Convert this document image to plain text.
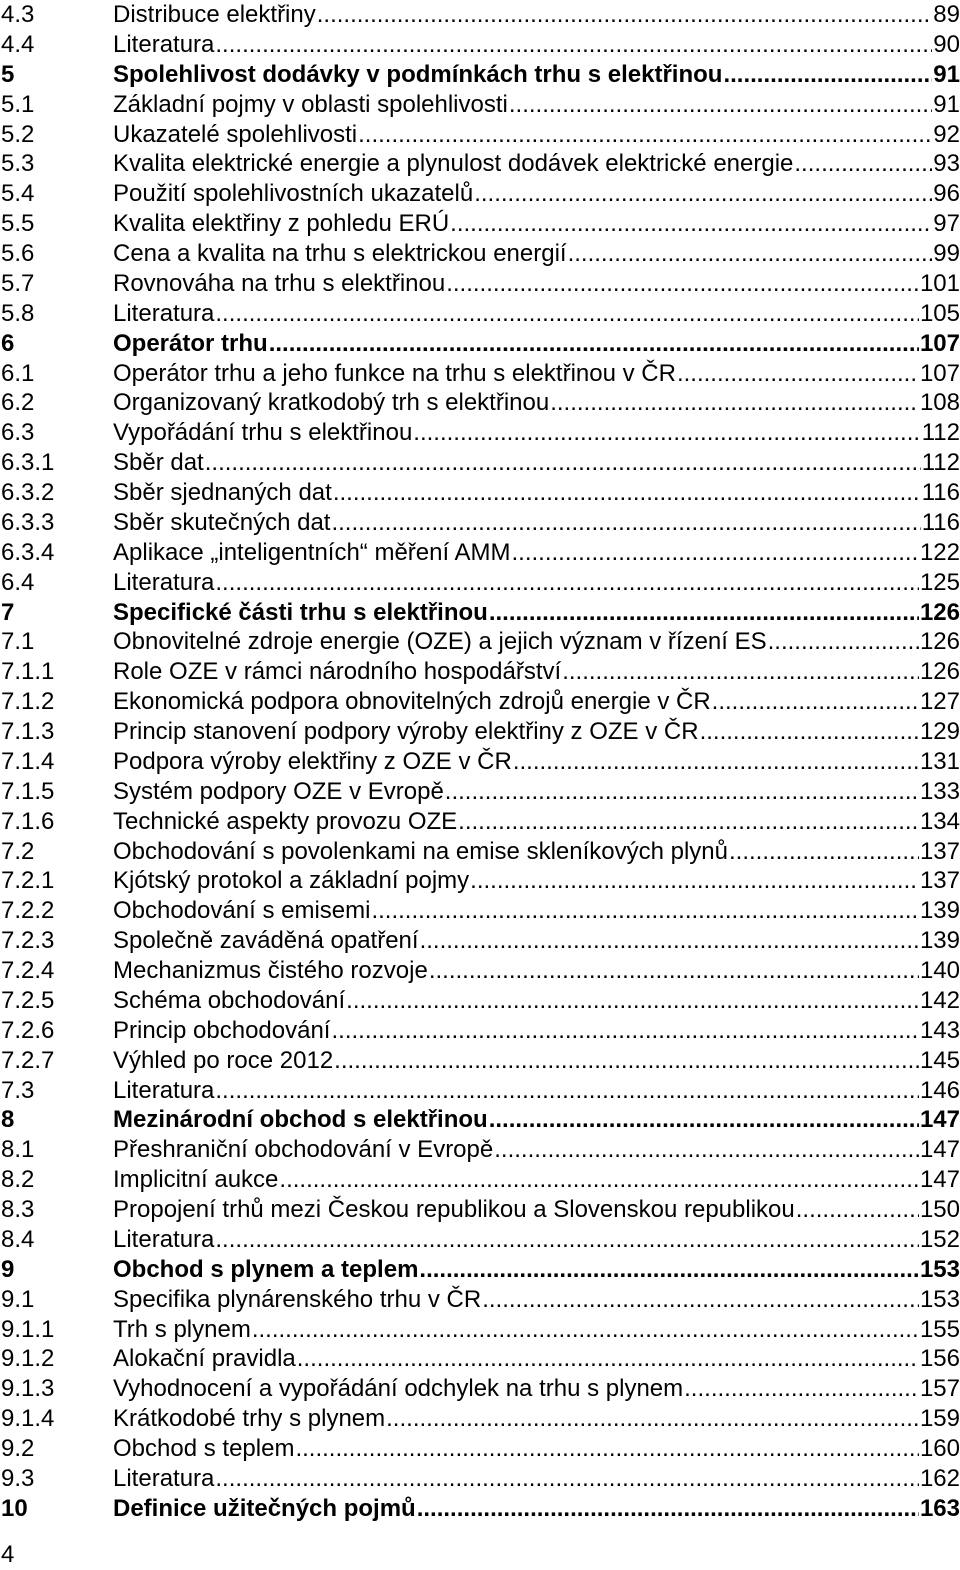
4.3	Distribuce elektřiny .....	89
4.4	Literatura .....	90
5	Spolehlivost dodávky v podmínkách trhu s elektřinou .....	91
5.1	Základní pojmy v oblasti spolehlivosti .....	91
5.2	Ukazatelé spolehlivosti .....	92
5.3	Kvalita elektrické energie a plynulost dodávek elektrické energie .....	93
5.4	Použití spolehlivostních ukazatelů .....	96
5.5	Kvalita elektřiny z pohledu ERÚ .....	97
5.6	Cena a kvalita na trhu s elektrickou energií .....	99
5.7	Rovnováha na trhu s elektřinou .....	101
5.8	Literatura .....	105
6	Operátor trhu .....	107
6.1	Operátor trhu a jeho funkce na trhu s elektřinou v ČR .....	107
6.2	Organizovaný kratkodobý trh s elektřinou .....	108
6.3	Vypořádání trhu s elektřinou .....	112
6.3.1 Sběr dat .....	112
6.3.2 Sběr sjednaných dat .....	116
6.3.3 Sběr skutečných dat .....	116
6.3.4 Aplikace „inteligentních“ měření AMM .....	122
6.4	Literatura .....	125
7	Specifické části trhu s elektřinou .....	126
7.1	Obnovitelné zdroje energie (OZE) a jejich význam v řízení ES .....	126
7.1.1 Role OZE v rámci národního hospodářství .....	126
7.1.2 Ekonomická podpora obnovitelných zdrojů energie v ČR .....	127
7.1.3 Princip stanovení podpory výroby elektřiny z OZE v ČR .....	129
7.1.4 Podpora výroby elektřiny z OZE v ČR .....	131
7.1.5 Systém podpory OZE v Evropě .....	133
7.1.6 Technické aspekty provozu OZE .....	134
7.2	Obchodování s povolenkami na emise skleníkových plynů .....	137
7.2.1 Kjótský protokol a základní pojmy .....	137
7.2.2 Obchodování s emisemi .....	139
7.2.3 Společně zaváděná opatření .....	139
7.2.4 Mechanizmus čistého rozvoje .....	140
7.2.5 Schéma obchodování .....	142
7.2.6 Princip obchodování .....	143
7.2.7 Výhled po roce 2012 .....	145
7.3	Literatura .....	146
8	Mezinárodní obchod s elektřinou .....	147
8.1	Přeshraniční obchodování v Evropě .....	147
8.2	Implicitní aukce .....	147
8.3	Propojení trhů mezi Českou republikou a Slovenskou republikou .....	150
8.4	Literatura .....	152
9	Obchod s plynem a teplem .....	153
9.1	Specifika plynárenského trhu v ČR .....	153
9.1.1 Trh s plynem .....	155
9.1.2 Alokační pravidla .....	156
9.1.3 Vyhodnocení a vypořádání odchylek na trhu s plynem .....	157
9.1.4 Krátkodobé trhy s plynem .....	159
9.2	Obchod s teplem .....	160
9.3	Literatura .....	162
10	Definice užitečných pojmů .....	163
4
